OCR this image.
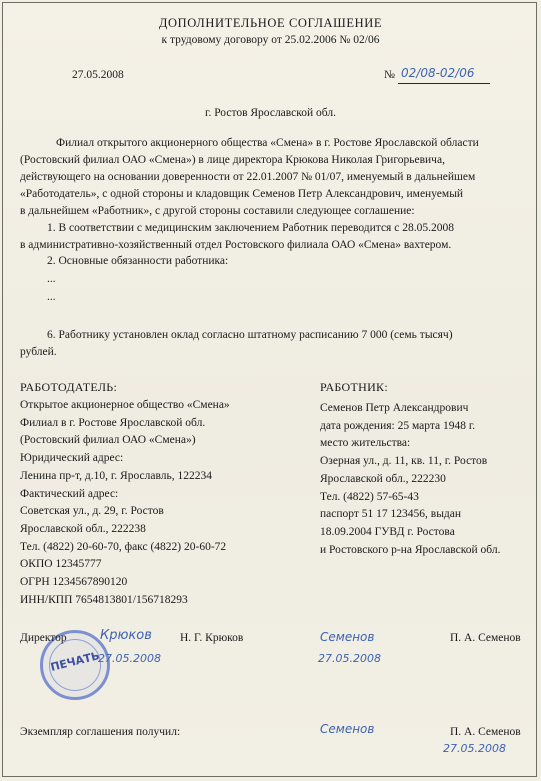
ДОПОЛНИТЕЛЬНОЕ СОГЛАШЕНИЕ
к трудовому договору от 25.02.2006 № 02/06
27.05.2008	№ 02/08-02/06
г. Ростов Ярославской обл.
Филиал открытого акционерного общества «Смена» в г. Ростове Ярославской области
(Ростовский филиал ОАО «Смена») в лице директора Крюкова Николая Григорьевича,
действующего на основании доверенности от 22.01.2007 № 01/07, именуемый в дальнейшем
«Работодатель», с одной стороны и кладовщик Семенов Петр Александрович, именуемый
в дальнейшем «Работник», с другой стороны составили следующее соглашение:
1. В соответствии с медицинским заключением Работник переводится с 28.05.2008
в административно-хозяйственный отдел Ростовского филиала ОАО «Смена» вахтером.
2. Основные обязанности работника:
...
...
6. Работнику установлен оклад согласно штатному расписанию 7 000 (семь тысяч)
рублей.
РАБОТОДАТЕЛЬ:
Открытое акционерное общество «Смена»
Филиал в г. Ростове Ярославской обл.
(Ростовский филиал ОАО «Смена»)
Юридический адрес:
Ленина пр-т, д.10, г. Ярославль, 122234
Фактический адрес:
Советская ул., д. 29, г. Ростов
Ярославской обл., 222238
Тел. (4822) 20-60-70, факс (4822) 20-60-72
ОКПО 12345777
ОГРН 1234567890120
ИНН/КПП 7654813801/156718293
РАБОТНИК:
Семенов Петр Александрович
дата рождения: 25 марта 1948 г.
место жительства:
Озерная ул., д. 11, кв. 11, г. Ростов
Ярославской обл., 222230
Тел. (4822) 57-65-43
паспорт 51 17 123456, выдан
18.09.2004 ГУВД г. Ростова
и Ростовского р-на Ярославской обл.
ПЕЧАТЬ
Директор	Крюков Н. Г. Крюков
27.05.2008
Семенов	П. А. Семенов
27.05.2008
Экземпляр соглашения получил:	Семенов	П. А. Семенов
27.05.2008
